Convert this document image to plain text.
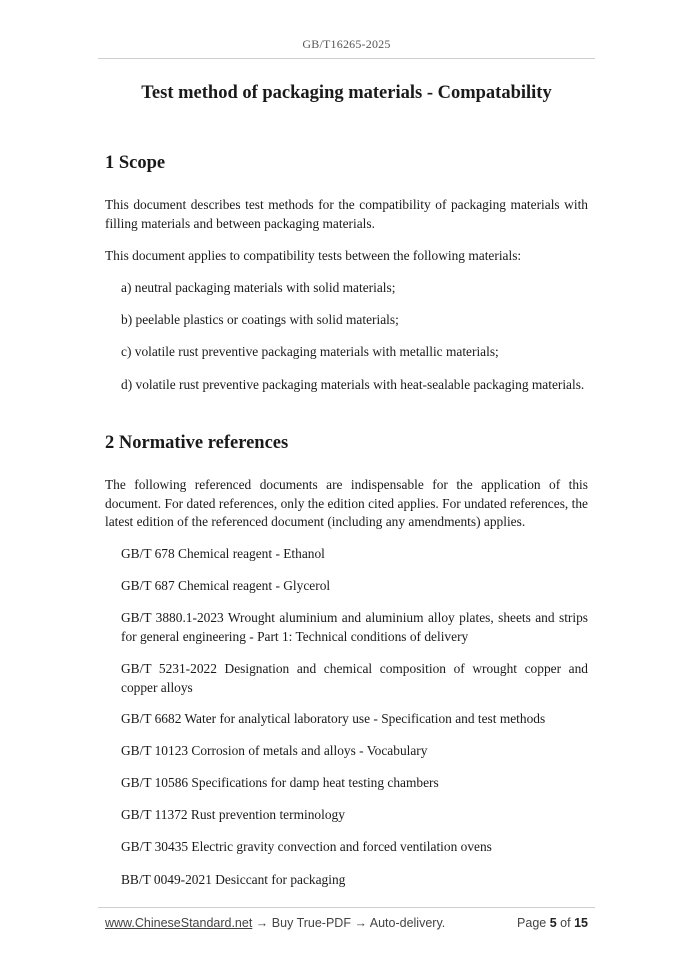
GB/T16265-2025
Test method of packaging materials - Compatability
1 Scope
This document describes test methods for the compatibility of packaging materials with filling materials and between packaging materials.
This document applies to compatibility tests between the following materials:
a) neutral packaging materials with solid materials;
b) peelable plastics or coatings with solid materials;
c) volatile rust preventive packaging materials with metallic materials;
d) volatile rust preventive packaging materials with heat-sealable packaging materials.
2 Normative references
The following referenced documents are indispensable for the application of this document. For dated references, only the edition cited applies. For undated references, the latest edition of the referenced document (including any amendments) applies.
GB/T 678 Chemical reagent - Ethanol
GB/T 687 Chemical reagent - Glycerol
GB/T 3880.1-2023 Wrought aluminium and aluminium alloy plates, sheets and strips for general engineering - Part 1: Technical conditions of delivery
GB/T 5231-2022 Designation and chemical composition of wrought copper and copper alloys
GB/T 6682 Water for analytical laboratory use - Specification and test methods
GB/T 10123 Corrosion of metals and alloys - Vocabulary
GB/T 10586 Specifications for damp heat testing chambers
GB/T 11372 Rust prevention terminology
GB/T 30435 Electric gravity convection and forced ventilation ovens
BB/T 0049-2021 Desiccant for packaging
www.ChineseStandard.net → Buy True-PDF → Auto-delivery.	Page 5 of 15
